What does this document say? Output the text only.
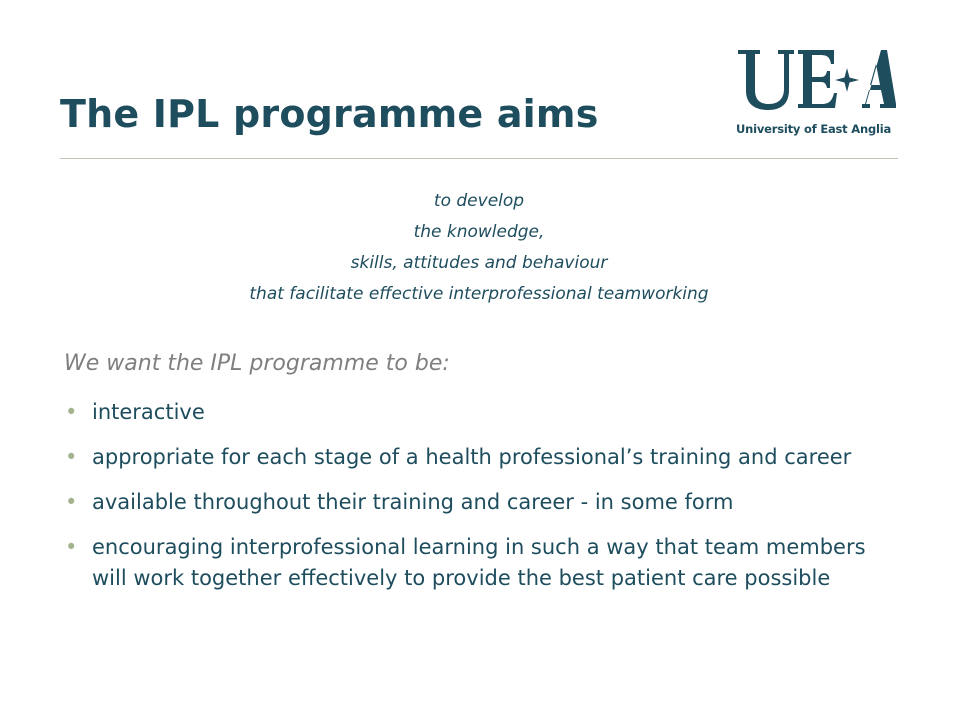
The IPL programme aims	University of East Anglia
to develop
the knowledge,
skills, attitudes and behaviour
that facilitate effective interprofessional teamworking
We want the IPL programme to be:
• interactive
• appropriate for each stage of a health professional’s training and career
• available throughout their training and career - in some form
• encouraging interprofessional learning in such a way that team members will work together effectively to provide the best patient care possible
